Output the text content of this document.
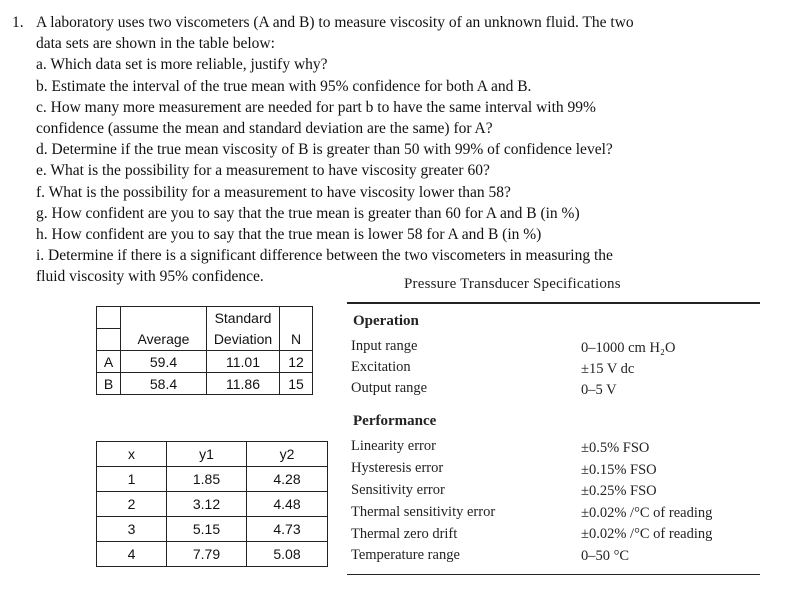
1. A laboratory uses two viscometers (A and B) to measure viscosity of an unknown fluid. The two
data sets are shown in the table below:
a. Which data set is more reliable, justify why?
b. Estimate the interval of the true mean with 95% confidence for both A and B.
c. How many more measurement are needed for part b to have the same interval with 99%
confidence (assume the mean and standard deviation are the same) for A?
d. Determine if the true mean viscosity of B is greater than 50 with 99% of confidence level?
e. What is the possibility for a measurement to have viscosity greater 60?
f. What is the possibility for a measurement to have viscosity lower than 58?
g. How confident are you to say that the true mean is greater than 60 for A and B (in %)
h. How confident are you to say that the true mean is lower 58 for A and B (in %)
i. Determine if there is a significant difference between the two viscometers in measuring the
fluid viscosity with 95% confidence.
		Standard	
	Average	Deviation	N
A	59.4	11.01	12
B	58.4	11.86	15
x	y1	y2
1	1.85	4.28
2	3.12	4.48
3	5.15	4.73
4	7.79	5.08
Pressure Transducer Specifications
Operation
Input range	0–1000 cm H₂O
Excitation	±15 V dc
Output range	0–5 V
Performance
Linearity error	±0.5% FSO
Hysteresis error	±0.15% FSO
Sensitivity error	±0.25% FSO
Thermal sensitivity error	±0.02% /°C of reading
Thermal zero drift	±0.02% /°C of reading
Temperature range	0–50 °C
